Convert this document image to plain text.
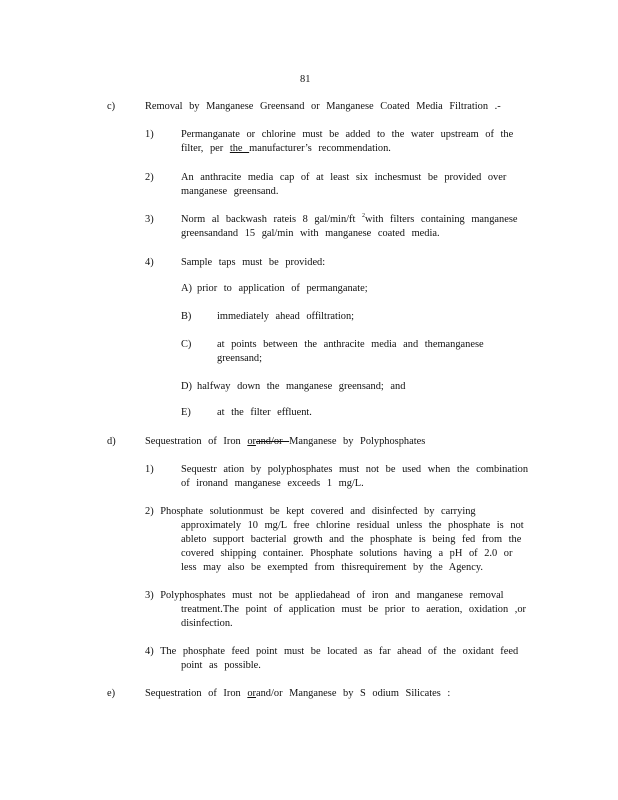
81
c)	Removal by Manganese Greensand or Manganese Coated Media Filtration .-
1)	Permanganate or chlorine must be added to the water upstream of the
filter, per the manufacturer’s recommendation.
2)	An anthracite media cap of at least six inchesmust be provided over
manganese greensand.
3)	Norm al backwash rateis 8 gal/min/ft $^2$with filters containing manganese
greensandand 15 gal/min with manganese coated media.
4)	Sample taps must be provided:
A) prior to application of permanganate;
B) immediately ahead offiltration;
C) at points between the anthracite media and themanganese
greensand;
D) halfway down the manganese greensand; and
E)	at the filter effluent.
d)	Sequestration of Iron orand/or Manganese by Polyphosphates
1)	Sequestr ation by polyphosphates must not be used when the combination
of ironand manganese exceeds 1 mg/L.
2) Phosphate solutionmust be kept covered and disinfected by carrying
approximately 10 mg/L free chlorine residual unless the phosphate is not
ableto support bacterial growth and the phosphate is being fed from the
covered shipping container. Phosphate solutions having a pH of 2.0 or
less may also be exempted from thisrequirement by the Agency.
3) Polyphosphates must not be appliedahead of iron and manganese removal
treatment.The point of application must be prior to aeration, oxidation ,or
disinfection.
4) The phosphate feed point must be located as far ahead of the oxidant feed
point as possible.
e)	Sequestration of Iron orand/or Manganese by S odium Silicates :
